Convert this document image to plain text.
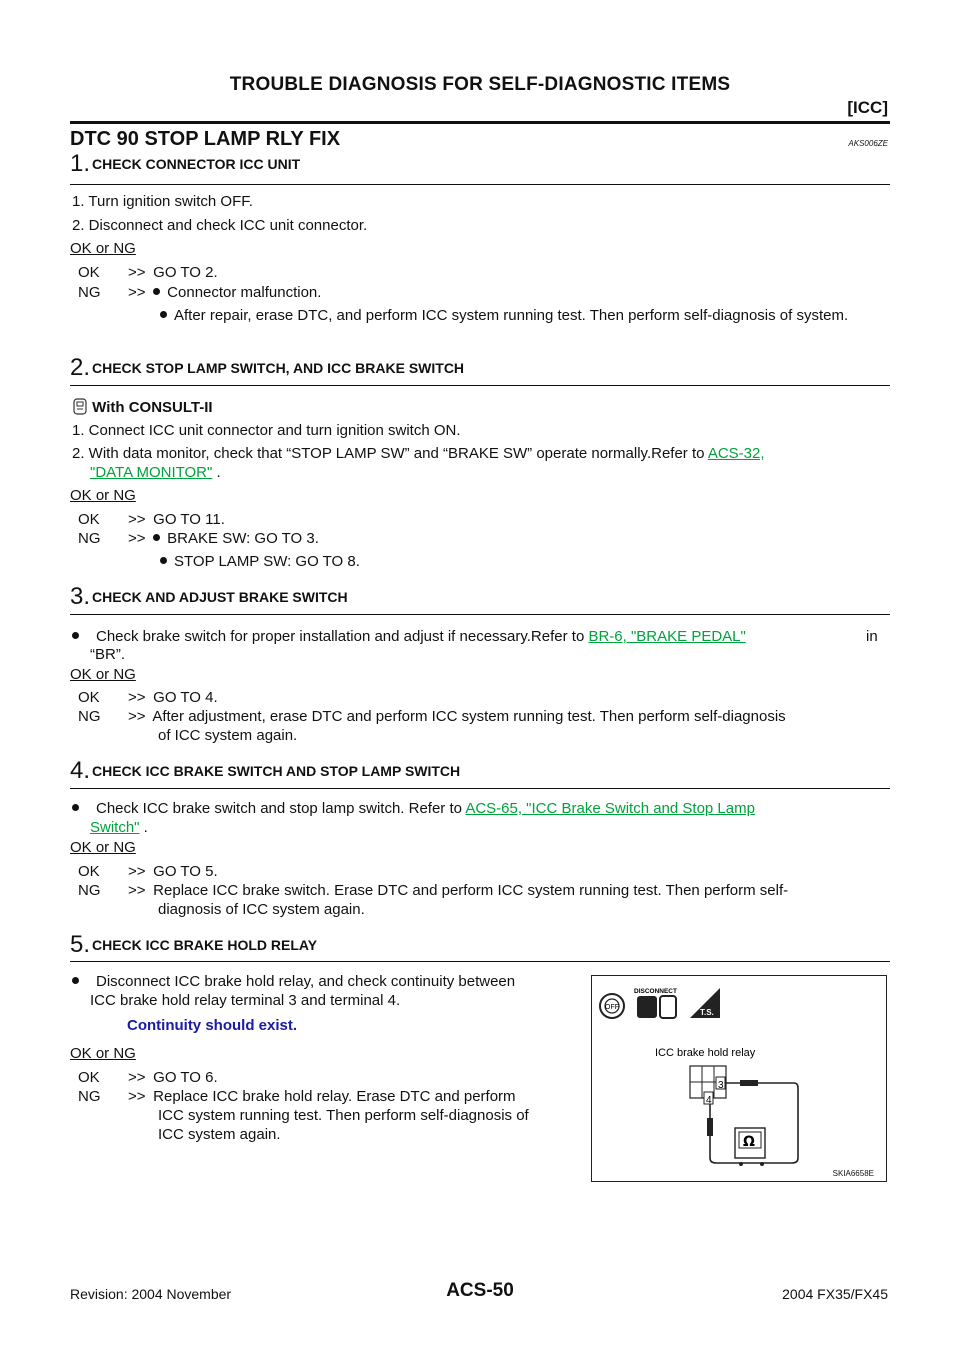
TROUBLE DIAGNOSIS FOR SELF-DIAGNOSTIC ITEMS
[ICC]
DTC 90 STOP LAMP RLY FIX	AKS006ZE
1. CHECK CONNECTOR ICC UNIT
1. Turn ignition switch OFF.
2. Disconnect and check ICC unit connector.
OK or NG
OK >> GO TO 2.
NG >> Connector malfunction.
After repair, erase DTC, and perform ICC system running test. Then perform self-diagnosis of system.
2. CHECK STOP LAMP SWITCH, AND ICC BRAKE SWITCH
With CONSULT-II
1. Connect ICC unit connector and turn ignition switch ON.
2. With data monitor, check that “STOP LAMP SW” and “BRAKE SW” operate normally.Refer to ACS-32,
"DATA MONITOR" .
OK or NG
OK >> GO TO 11.
NG >> BRAKE SW: GO TO 3.
STOP LAMP SW: GO TO 8.
3. CHECK AND ADJUST BRAKE SWITCH
Check brake switch for proper installation and adjust if necessary.Refer to BR-6, "BRAKE PEDAL"	in
“BR”.
OK or NG
OK >> GO TO 4.
NG >> After adjustment, erase DTC and perform ICC system running test. Then perform self-diagnosis
of ICC system again.
4. CHECK ICC BRAKE SWITCH AND STOP LAMP SWITCH
Check ICC brake switch and stop lamp switch. Refer to ACS-65, "ICC Brake Switch and Stop Lamp
Switch" .
OK or NG
OK >> GO TO 5.
NG >> Replace ICC brake switch. Erase DTC and perform ICC system running test. Then perform self-
diagnosis of ICC system again.
5. CHECK ICC BRAKE HOLD RELAY
Disconnect ICC brake hold relay, and check continuity between
ICC brake hold relay terminal 3 and terminal 4.
Continuity should exist.
OK or NG
OK >> GO TO 6.
NG >> Replace ICC brake hold relay. Erase DTC and perform
ICC system running test. Then perform self-diagnosis of
ICC system again.
OFF
DISCONNECT
T.S.
ICC brake hold relay
3
4
Ω
SKIA6658E
Revision: 2004 November	ACS-50	2004 FX35/FX45
